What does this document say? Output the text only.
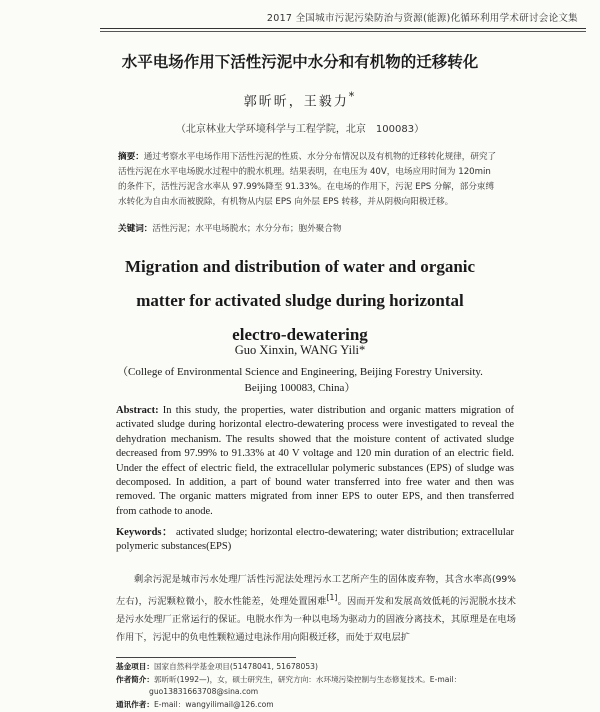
2017 全国城市污泥污染防治与资源(能源)化循环利用学术研讨会论文集
水平电场作用下活性污泥中水分和有机物的迁移转化
郭昕昕，王毅力*
（北京林业大学环境科学与工程学院，北京　100083）
摘要：通过考察水平电场作用下活性污泥的性质、水分分布情况以及有机物的迁移转化规律，研究了活性污泥在水平电场脱水过程中的脱水机理。结果表明，在电压为 40V，电场应用时间为 120min 的条件下，活性污泥含水率从 97.99%降至 91.33%。在电场的作用下，污泥 EPS 分解，部分束缚水转化为自由水而被脱除，有机物从内层 EPS 向外层 EPS 转移，并从阴极向阳极迁移。
关键词：活性污泥；水平电场脱水；水分分布；胞外聚合物
Migration and distribution of water and organic
matter for activated sludge during horizontal
electro-dewatering
Guo Xinxin, WANG Yili*
（College of Environmental Science and Engineering, Beijing Forestry University.
Beijing 100083, China）
Abstract: In this study, the properties, water distribution and organic matters migration of activated sludge during horizontal electro-dewatering process were investigated to reveal the dehydration mechanism. The results showed that the moisture content of activated sludge decreased from 97.99% to 91.33% at 40 V voltage and 120 min duration of an electric field. Under the effect of electric field, the extracellular polymeric substances (EPS) of sludge was decomposed. In addition, a part of bound water transferred into free water and then was removed. The organic matters migrated from inner EPS to outer EPS, and then transferred from cathode to anode.
Keywords： activated sludge; horizontal electro-dewatering; water distribution; extracellular polymeric substances(EPS)
剩余污泥是城市污水处理厂活性污泥法处理污水工艺所产生的固体废弃物，其含水率高(99%左右)，污泥颗粒微小，胶水性能差，处理处置困难[1]。因而开发和发展高效低耗的污泥脱水技术是污水处理厂正常运行的保证。电脱水作为一种以电场为驱动力的固液分离技术，其原理是在电场作用下，污泥中的负电性颗粒通过电泳作用向阳极迁移，而处于双电层扩
基金项目：国家自然科学基金项目(51478041, 51678053)
作者简介：郭昕昕(1992—)，女，硕士研究生，研究方向：水环境污染控制与生态修复技术。E-mail：
guo13831663708@sina.com
通讯作者：E-mail：wangyilimail@126.com
